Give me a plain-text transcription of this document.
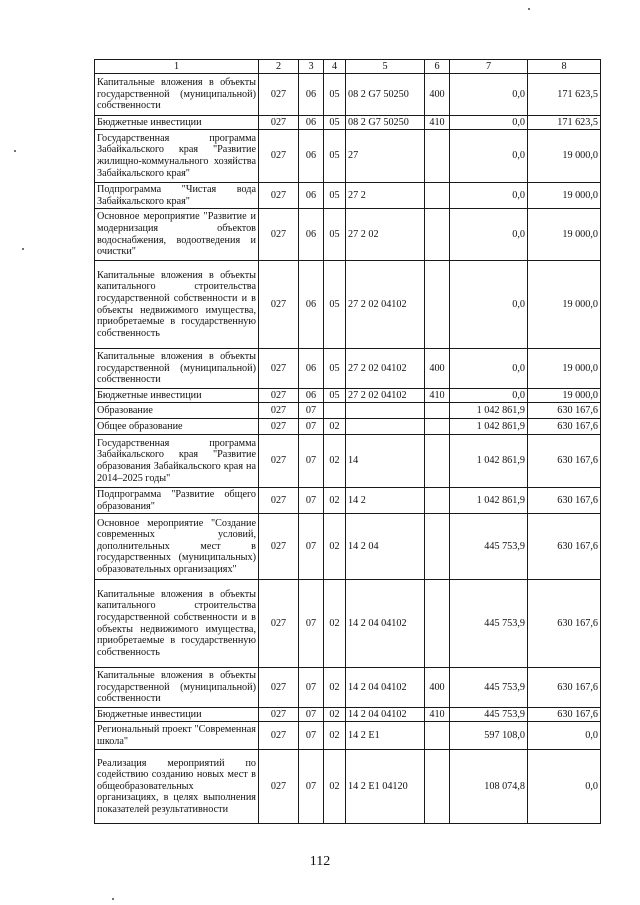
1	2	3	4	5	6	7	8
Капитальные вложения в объекты государственной (муниципальной) собственности	027	06	05	08 2 G7 50250	400	0,0	171 623,5
Бюджетные инвестиции	027	06	05	08 2 G7 50250	410	0,0	171 623,5
Государственная программа Забайкальского края "Развитие жилищно-коммунального хозяйства Забайкальского края"	027	06	05	27		0,0	19 000,0
Подпрограмма "Чистая вода Забайкальского края"	027	06	05	27 2		0,0	19 000,0
Основное мероприятие "Развитие и модернизация объектов водоснабжения, водоотведения и очистки"	027	06	05	27 2 02		0,0	19 000,0
Капитальные вложения в объекты капитального строительства государственной собственности и в объекты недвижимого имущества, приобретаемые в государственную собственность	027	06	05	27 2 02 04102		0,0	19 000,0
Капитальные вложения в объекты государственной (муниципальной) собственности	027	06	05	27 2 02 04102	400	0,0	19 000,0
Бюджетные инвестиции	027	06	05	27 2 02 04102	410	0,0	19 000,0
Образование	027	07				1 042 861,9	630 167,6
Общее образование	027	07	02			1 042 861,9	630 167,6
Государственная программа Забайкальского края "Развитие образования Забайкальского края на 2014–2025 годы"	027	07	02	14		1 042 861,9	630 167,6
Подпрограмма "Развитие общего образования"	027	07	02	14 2		1 042 861,9	630 167,6
Основное мероприятие "Создание современных условий, дополнительных мест в государственных (муниципальных) образовательных организациях"	027	07	02	14 2 04		445 753,9	630 167,6
Капитальные вложения в объекты капитального строительства государственной собственности и в объекты недвижимого имущества, приобретаемые в государственную собственность	027	07	02	14 2 04 04102		445 753,9	630 167,6
Капитальные вложения в объекты государственной (муниципальной) собственности	027	07	02	14 2 04 04102	400	445 753,9	630 167,6
Бюджетные инвестиции	027	07	02	14 2 04 04102	410	445 753,9	630 167,6
Региональный проект "Современная школа"	027	07	02	14 2 E1		597 108,0	0,0
Реализация мероприятий по содействию созданию новых мест в общеобразовательных организациях, в целях выполнения показателей результативности	027	07	02	14 2 E1 04120		108 074,8	0,0
112
